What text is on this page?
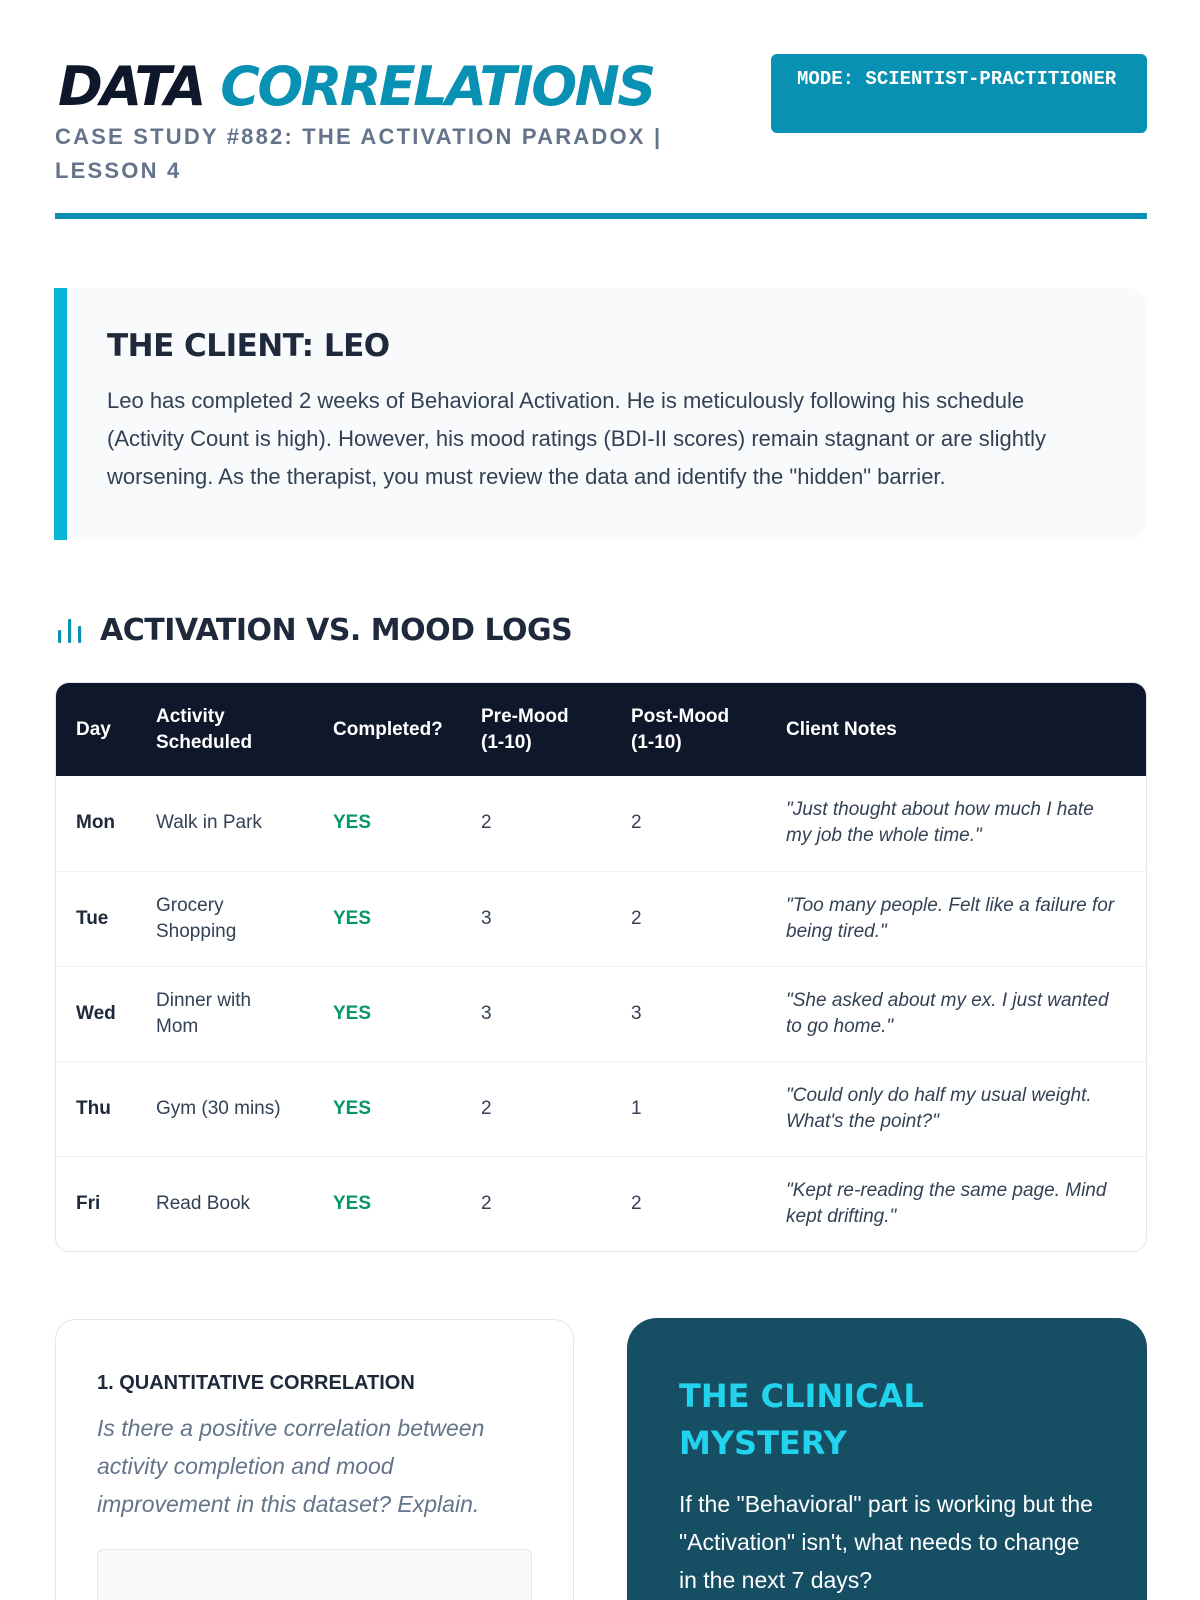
DATA CORRELATIONS
CASE STUDY #882: THE ACTIVATION PARADOX | LESSON 4
MODE: SCIENTIST-PRACTITIONER
THE CLIENT: LEO

Leo has completed 2 weeks of Behavioral Activation. He is meticulously following his schedule (Activity Count is high). However, his mood ratings (BDI-II scores) remain stagnant or are slightly worsening. As the therapist, you must review the data and identify the "hidden" barrier.

ACTIVATION VS. MOOD LOGS
Day	Activity Scheduled	Completed?	Pre-Mood (1-10)	Post-Mood (1-10)	Client Notes
Mon	Walk in Park	YES	2	2	"Just thought about how much I hate my job the whole time."
Tue	Grocery Shopping	YES	3	2	"Too many people. Felt like a failure for being tired."
Wed	Dinner with Mom	YES	3	3	"She asked about my ex. I just wanted to go home."
Thu	Gym (30 mins)	YES	2	1	"Could only do half my usual weight. What's the point?"
Fri	Read Book	YES	2	2	"Kept re-reading the same page. Mind kept drifting."
1. QUANTITATIVE CORRELATION

Is there a positive correlation between activity completion and mood improvement in this dataset? Explain.

THE CLINICAL MYSTERY

If the "Behavioral" part is working but the "Activation" isn't, what needs to change in the next 7 days?
